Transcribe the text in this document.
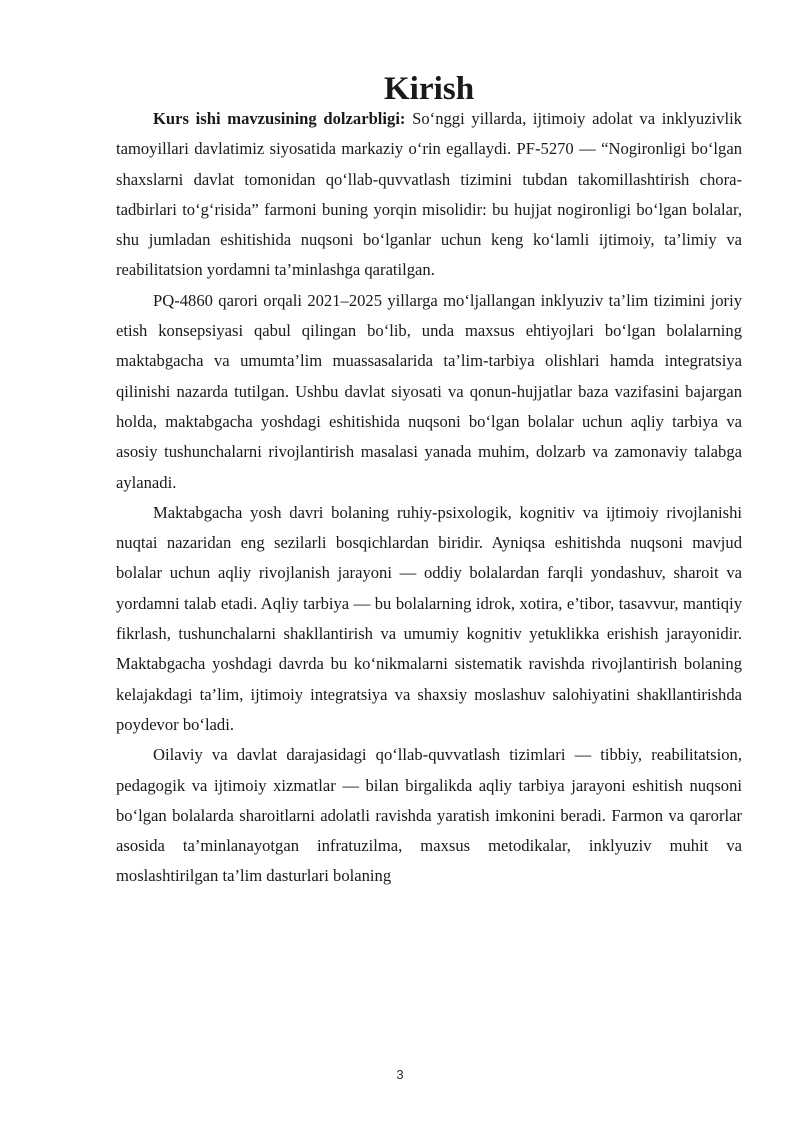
Kirish

Kurs ishi mavzusining dolzarbligi: So‘nggi yillarda, ijtimoiy adolat va inklyuzivlik tamoyillari davlatimiz siyosatida markaziy o‘rin egallaydi. PF-5270 — “Nogironligi bo‘lgan shaxslarni davlat tomonidan qo‘llab-quvvatlash tizimini tubdan takomillashtirish chora-tadbirlari to‘g‘risida” farmoni buning yorqin misolidir: bu hujjat nogironligi bo‘lgan bolalar, shu jumladan eshitishida nuqsoni bo‘lganlar uchun keng ko‘lamli ijtimoiy, ta’limiy va reabilitatsion yordamni ta’minlashga qaratilgan.

PQ-4860 qarori orqali 2021–2025 yillarga mo‘ljallangan inklyuziv ta’lim tizimini joriy etish konsepsiyasi qabul qilingan bo‘lib, unda maxsus ehtiyojlari bo‘lgan bolalarning maktabgacha va umumta’lim muassasalarida ta’lim-tarbiya olishlari hamda integratsiya qilinishi nazarda tutilgan. Ushbu davlat siyosati va qonun-hujjatlar baza vazifasini bajargan holda, maktabgacha yoshdagi eshitishida nuqsoni bo‘lgan bolalar uchun aqliy tarbiya va asosiy tushunchalarni rivojlantirish masalasi yanada muhim, dolzarb va zamonaviy talabga aylanadi.

Maktabgacha yosh davri bolaning ruhiy-psixologik, kognitiv va ijtimoiy rivojlanishi nuqtai nazaridan eng sezilarli bosqichlardan biridir. Ayniqsa eshitishda nuqsoni mavjud bolalar uchun aqliy rivojlanish jarayoni — oddiy bolalardan farqli yondashuv, sharoit va yordamni talab etadi. Aqliy tarbiya — bu bolalarning idrok, xotira, e’tibor, tasavvur, mantiqiy fikrlash, tushunchalarni shakllantirish va umumiy kognitiv yetuklikka erishish jarayonidir. Maktabgacha yoshdagi davrda bu ko‘nikmalarni sistematik ravishda rivojlantirish bolaning kelajakdagi ta’lim, ijtimoiy integratsiya va shaxsiy moslashuv salohiyatini shakllantirishda poydevor bo‘ladi.

Oilaviy va davlat darajasidagi qo‘llab-quvvatlash tizimlari — tibbiy, reabilitatsion, pedagogik va ijtimoiy xizmatlar — bilan birgalikda aqliy tarbiya jarayoni eshitish nuqsoni bo‘lgan bolalarda sharoitlarni adolatli ravishda yaratish imkonini beradi. Farmon va qarorlar asosida ta’minlanayotgan infratuzilma, maxsus metodikalar, inklyuziv muhit va moslashtirilgan ta’lim dasturlari bolaning

3
